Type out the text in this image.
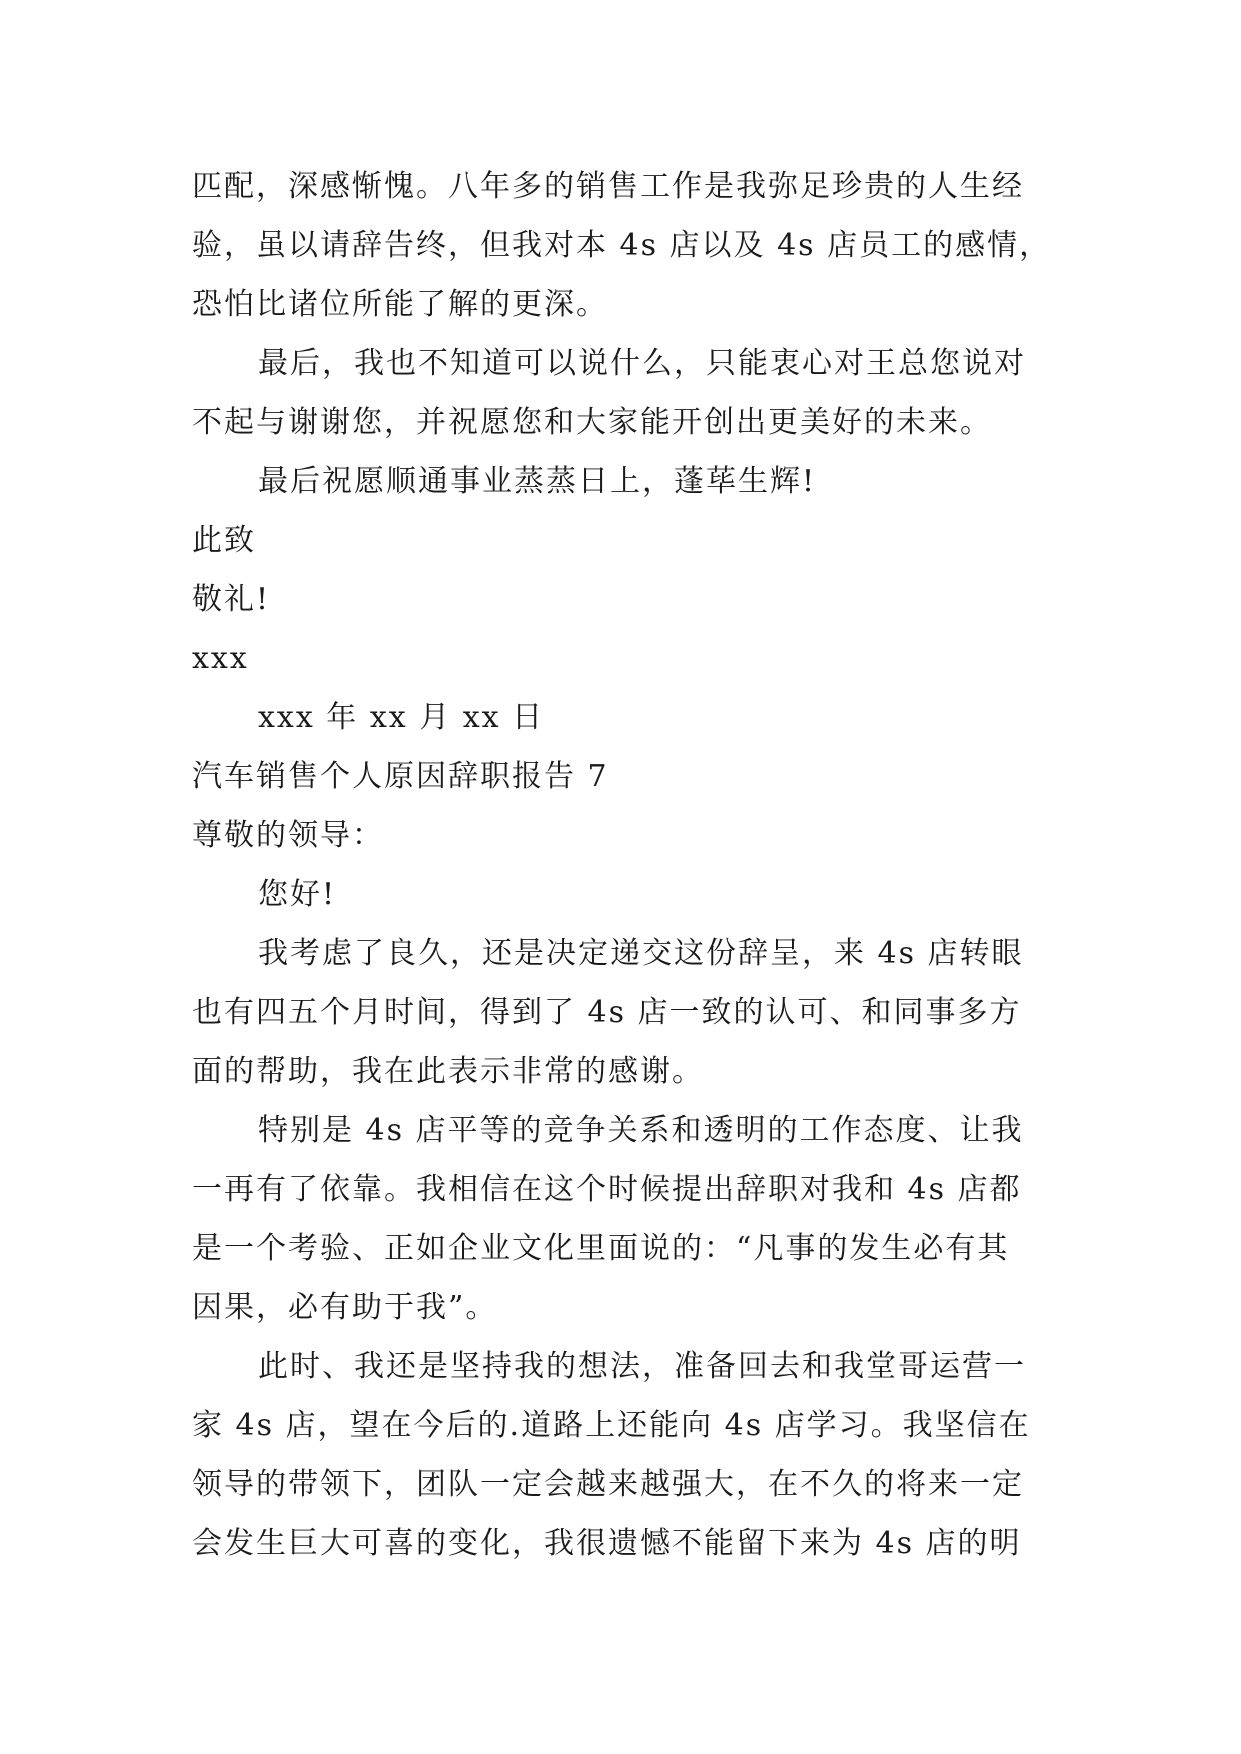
匹配，深感惭愧。八年多的销售工作是我弥足珍贵的人生经
验，虽以请辞告终，但我对本 4s 店以及 4s 店员工的感情，
恐怕比诸位所能了解的更深。
最后，我也不知道可以说什么，只能衷心对王总您说对
不起与谢谢您，并祝愿您和大家能开创出更美好的未来。
最后祝愿顺通事业蒸蒸日上，蓬荜生辉!
此致
敬礼!
xxx
xxx 年 xx 月 xx 日
汽车销售个人原因辞职报告 7
尊敬的领导：
您好!
我考虑了良久，还是决定递交这份辞呈，来 4s 店转眼
也有四五个月时间，得到了 4s 店一致的认可、和同事多方
面的帮助，我在此表示非常的感谢。
特别是 4s 店平等的竞争关系和透明的工作态度、让我
一再有了依靠。我相信在这个时候提出辞职对我和 4s 店都
是一个考验、正如企业文化里面说的：“凡事的发生必有其
因果，必有助于我”。
此时、我还是坚持我的想法，准备回去和我堂哥运营一
家 4s 店，望在今后的.道路上还能向 4s 店学习。我坚信在
领导的带领下，团队一定会越来越强大，在不久的将来一定
会发生巨大可喜的变化，我很遗憾不能留下来为 4s 店的明
